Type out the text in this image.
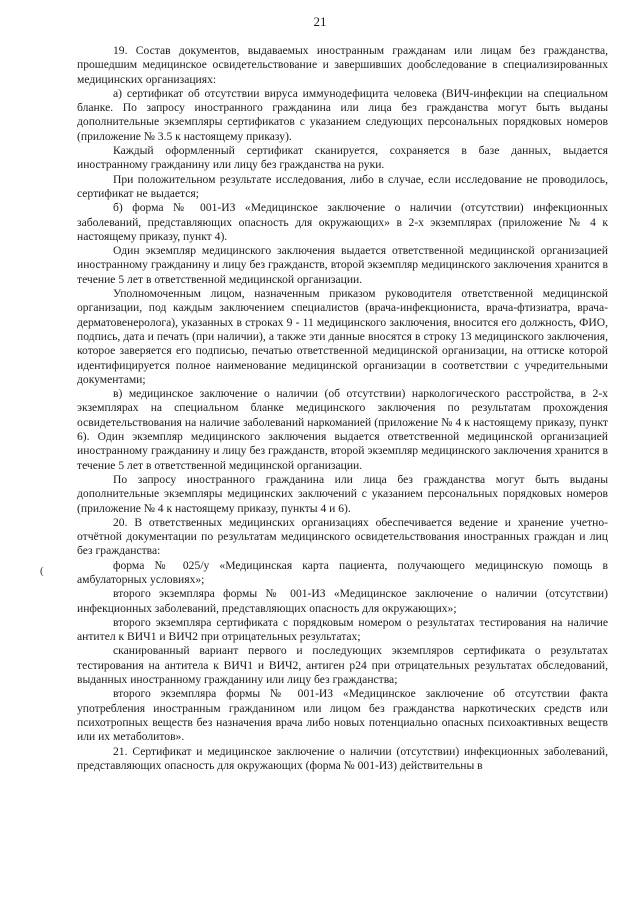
21
(

19. Состав документов, выдаваемых иностранным гражданам или лицам без гражданства, прошедшим медицинское освидетельствование и завершивших дообследование в специализированных медицинских организациях:

а) сертификат об отсутствии вируса иммунодефицита человека (ВИЧ-инфекции на специальном бланке. По запросу иностранного гражданина или лица без гражданства могут быть выданы дополнительные экземпляры сертификатов с указанием следующих персональных порядковых номеров (приложение № 3.5 к настоящему приказу).

Каждый оформленный сертификат сканируется, сохраняется в базе данных, выдается иностранному гражданину или лицу без гражданства на руки.

При положительном результате исследования, либо в случае, если исследование не проводилось, сертификат не выдается;

б) форма № 001-ИЗ «Медицинское заключение о наличии (отсутствии) инфекционных заболеваний, представляющих опасность для окружающих» в 2-х экземплярах (приложение № 4 к настоящему приказу, пункт 4).

Один экземпляр медицинского заключения выдается ответственной медицинской организацией иностранному гражданину и лицу без гражданств, второй экземпляр медицинского заключения хранится в течение 5 лет в ответственной медицинской организации.

Уполномоченным лицом, назначенным приказом руководителя ответственной медицинской организации, под каждым заключением специалистов (врача-инфекциониста, врача-фтизиатра, врача-дерматовенеролога), указанных в строках 9 - 11 медицинского заключения, вносится его должность, ФИО, подпись, дата и печать (при наличии), а также эти данные вносятся в строку 13 медицинского заключения, которое заверяется его подписью, печатью ответственной медицинской организации, на оттиске которой идентифицируется полное наименование медицинской организации в соответствии с учредительными документами;

в) медицинское заключение о наличии (об отсутствии) наркологического расстройства, в 2-х экземплярах на специальном бланке медицинского заключения по результатам прохождения освидетельствования на наличие заболеваний наркоманией (приложение № 4 к настоящему приказу, пункт 6). Один экземпляр медицинского заключения выдается ответственной медицинской организацией иностранному гражданину и лицу без гражданств, второй экземпляр медицинского заключения хранится в течение 5 лет в ответственной медицинской организации.

По запросу иностранного гражданина или лица без гражданства могут быть выданы дополнительные экземпляры медицинских заключений с указанием персональных порядковых номеров (приложение № 4 к настоящему приказу, пункты 4 и 6).

20. В ответственных медицинских организациях обеспечивается ведение и хранение учетно-отчётной документации по результатам медицинского освидетельствования иностранных граждан и лиц без гражданства:

форма № 025/у «Медицинская карта пациента, получающего медицинскую помощь в амбулаторных условиях»;

второго экземпляра формы № 001-ИЗ «Медицинское заключение о наличии (отсутствии) инфекционных заболеваний, представляющих опасность для окружающих»;

второго экземпляра сертификата с порядковым номером о результатах тестирования на наличие антител к ВИЧ1 и ВИЧ2 при отрицательных результатах;

сканированный вариант первого и последующих экземпляров сертификата о результатах тестирования на антитела к ВИЧ1 и ВИЧ2, антиген р24 при отрицательных результатах обследований, выданных иностранному гражданину или лицу без гражданства;

второго экземпляра формы № 001-ИЗ «Медицинское заключение об отсутствии факта употребления иностранным гражданином или лицом без гражданства наркотических средств или психотропных веществ без назначения врача либо новых потенциально опасных психоактивных веществ или их метаболитов».

21. Сертификат и медицинское заключение о наличии (отсутствии) инфекционных заболеваний, представляющих опасность для окружающих (форма № 001-ИЗ) действительны в
